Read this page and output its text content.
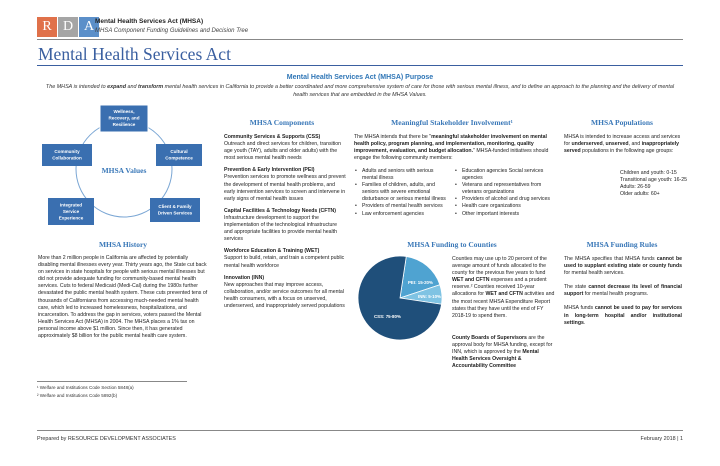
R D A Mental Health Services Act (MHSA)
MHSA Component Funding Guidelines and Decision Tree
Mental Health Services Act
Mental Health Services Act (MHSA) Purpose
The MHSA is intended to expand and transform mental health services in California to provide a better coordinated and more comprehensive system of care for those with serious mental illness, and to define an approach to the planning and the delivery of mental health services that are embedded in the MHSA Values.
Wellness,
Recovery, and
Resilience
Cultural
Competence
Client & Family
Driven Services
Integrated
Service
Experience
Community
Collaboration
MHSA Values
MHSA History
More than 2 million people in California are affected by potentially disabling mental illnesses every year. Thirty years ago, the State cut back on services in state hospitals for people with serious mental illnesses but did not provide adequate funding for community-based mental health services. Cuts to federal Medicaid (Medi-Cal) during the 1980s further devastated the public mental health system. These cuts prevented tens of thousands of Californians from accessing much-needed mental health care, which led to increased homelessness, hospitalizations, and incarceration. To address the gap in services, voters passed the Mental Health Services Act (MHSA) in 2004. The MHSA places a 1% tax on personal income above $1 million. Since then, it has generated approximately $8 billion for the public mental health care system.
MHSA Components
Community Services & Supports (CSS)
Outreach and direct services for children, transition age youth (TAY), adults and older adults) with the most serious mental health needs
Prevention & Early Intervention (PEI)
Prevention services to promote wellness and prevent the development of mental health problems, and early intervention services to screen and intervene in early signs of mental health issues
Capital Facilities & Technology Needs (CFTN)
Infrastructure development to support the implementation of the technological infrastructure and appropriate facilities to provide mental health services
Workforce Education & Training (WET)
Support to build, retain, and train a competent public mental health workforce
Innovation (INN)
New approaches that may improve access, collaboration, and/or service outcomes for all mental health consumers, with a focus on unserved, underserved, and inappropriately served populations
Meaningful Stakeholder Involvement¹
The MHSA intends that there be "meaningful stakeholder involvement on mental health policy, program planning, and implementation, monitoring, quality improvement, evaluation, and budget allocation." MHSA-funded initiatives should engage the following community members:
• Adults and seniors with serious mental illness
• Families of children, adults, and seniors with severe emotional disturbance or serious mental illness
• Providers of mental health services
• Law enforcement agencies
• Education agencies Social services agencies
• Veterans and representatives from veterans organizations
• Providers of alcohol and drug services
• Health care organizations
• Other important interests
MHSA Populations
MHSA is intended to increase access and services for underserved, unserved, and inappropriately served populations in the following age groups:
Children and youth: 0-15
Transitional age youth: 16-25
Adults: 26-59
Older adults: 60+
MHSA Funding to Counties
PEI: 15-20%
INN: 5-10%
CSS: 75-80%
Counties may use up to 20 percent of the average amount of funds allocated to the county for the previous five years to fund WET and CFTN expenses and a prudent reserve.² Counties received 10-year allocations for WET and CFTN activities and the most recent MHSA Expenditure Report states that they have until the end of FY 2018-19 to spend them.
County Boards of Supervisors are the approval body for MHSA funding, except for INN, which is approved by the Mental Health Services Oversight & Accountability Committee
MHSA Funding Rules

The MHSA specifies that MHSA funds cannot be used to supplant existing state or county funds for mental health services.

The state cannot decrease its level of financial support for mental health programs.

MHSA funds cannot be used to pay for services in long-term hospital and/or institutional settings.

¹ Welfare and Institutions Code Section 5848(a)
² Welfare and Institutions Code 5892(b)
Prepared by RESOURCE DEVELOPMENT ASSOCIATES	February 2018 | 1
